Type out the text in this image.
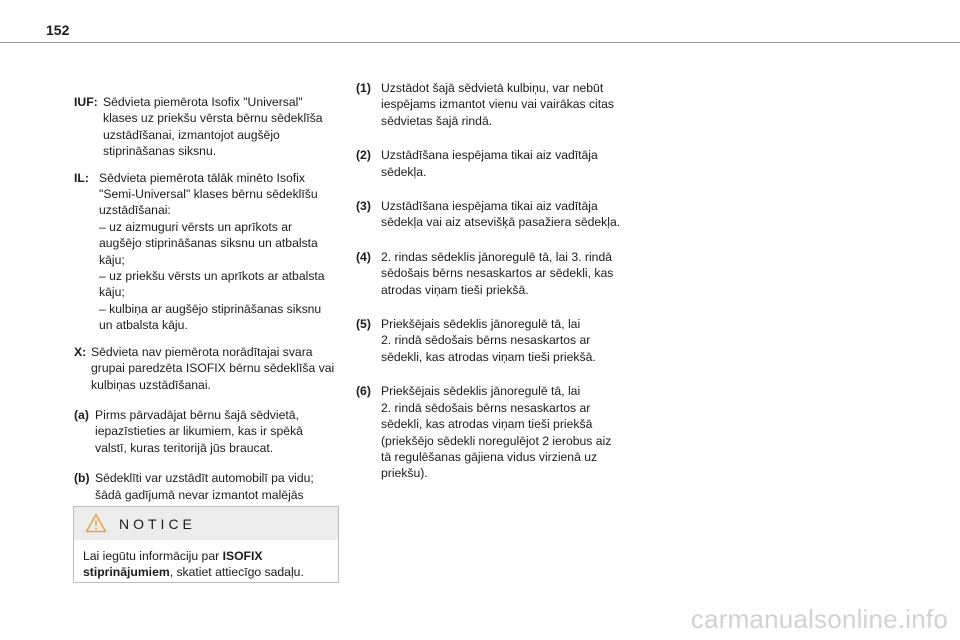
152
IUF: Sēdvieta piemērota Isofix "Universal"
klases uz priekšu vērsta bērnu sēdeklīša
uzstādīšanai, izmantojot augšējo
stiprināšanas siksnu.
IL: Sēdvieta piemērota tālāk minēto Isofix
"Semi-Universal" klases bērnu sēdeklīšu
uzstādīšanai:
– uz aizmuguri vērsts un aprīkots ar
augšējo stiprināšanas siksnu un atbalsta
kāju;
– uz priekšu vērsts un aprīkots ar atbalsta
kāju;
– kulbiņa ar augšējo stiprināšanas siksnu
un atbalsta kāju.
X: Sēdvieta nav piemērota norādītajai svara
grupai paredzēta ISOFIX bērnu sēdeklīša vai
kulbiņas uzstādīšanai.
(a) Pirms pārvadājat bērnu šajā sēdvietā,
iepazīstieties ar likumiem, kas ir spēkā
valstī, kuras teritorijā jūs braucat.
(b) Sēdeklīti var uzstādīt automobilī pa vidu;
šādā gadījumā nevar izmantot malējās
NOTICE
Lai iegūtu informāciju par ISOFIX
stiprinājumiem, skatiet attiecīgo sadaļu.
(1) Uzstādot šajā sēdvietā kulbiņu, var nebūt
iespējams izmantot vienu vai vairākas citas
sēdvietas šajā rindā.
(2) Uzstādīšana iespējama tikai aiz vadītāja
sēdekļa.
(3) Uzstādīšana iespējama tikai aiz vadītāja
sēdekļa vai aiz atsevišķā pasažiera sēdekļa.
(4) 2. rindas sēdeklis jānoregulē tā, lai 3. rindā
sēdošais bērns nesaskartos ar sēdekli, kas
atrodas viņam tieši priekšā.
(5) Priekšējais sēdeklis jānoregulē tā, lai
2. rindā sēdošais bērns nesaskartos ar
sēdekli, kas atrodas viņam tieši priekšā.
(6) Priekšējais sēdeklis jānoregulē tā, lai
2. rindā sēdošais bērns nesaskartos ar
sēdekli, kas atrodas viņam tieši priekšā
(priekšējo sēdekli noregulējot 2 ierobus aiz
tā regulēšanas gājiena vidus virzienā uz
priekšu).
carmanualsonline.info
